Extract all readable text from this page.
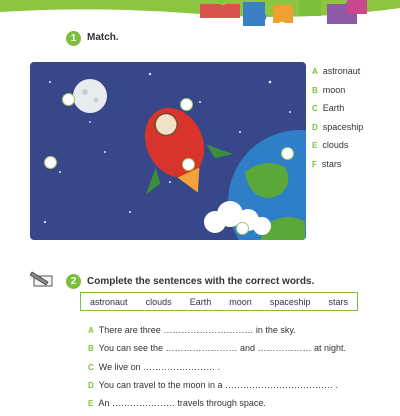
1	Match.
A astronaut
B moon
C Earth
D spaceship
E clouds
F stars
2	Complete the sentences with the correct words.
astronaut clouds Earth moon spaceship stars
A There are three ………………………… in the sky.
B You can see the …………………… and ……………… at night.
C We live on …………………… .
D You can travel to the moon in a ……………………………… .
E An ………………… travels through space.
